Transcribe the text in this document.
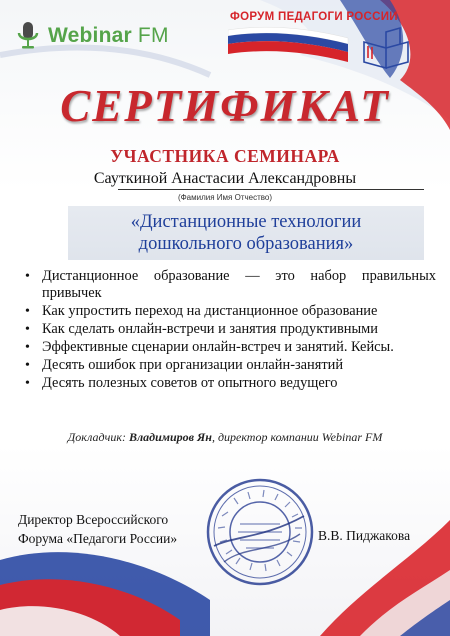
Webinar FM
ФОРУМ ПЕДАГОГИ РОССИИ
СЕРТИФИКАТ
УЧАСТНИКА СЕМИНАРА
Сауткиной Анастасии Александровны
(Фамилия Имя Отчество)
«Дистанционные технологии
дошкольного образования»
• Дистанционное образование — это набор правильных привычек
• Как упростить переход на дистанционное образование
• Как сделать онлайн-встречи и занятия продуктивными
• Эффективные сценарии онлайн-встреч и занятий. Кейсы.
• Десять ошибок при организации онлайн-занятий
• Десять полезных советов от опытного ведущего
Докладчик: Владимиров Ян, директор компании Webinar FM
Директор Всероссийского
Форума «Педагоги России»	В.В. Пиджакова
